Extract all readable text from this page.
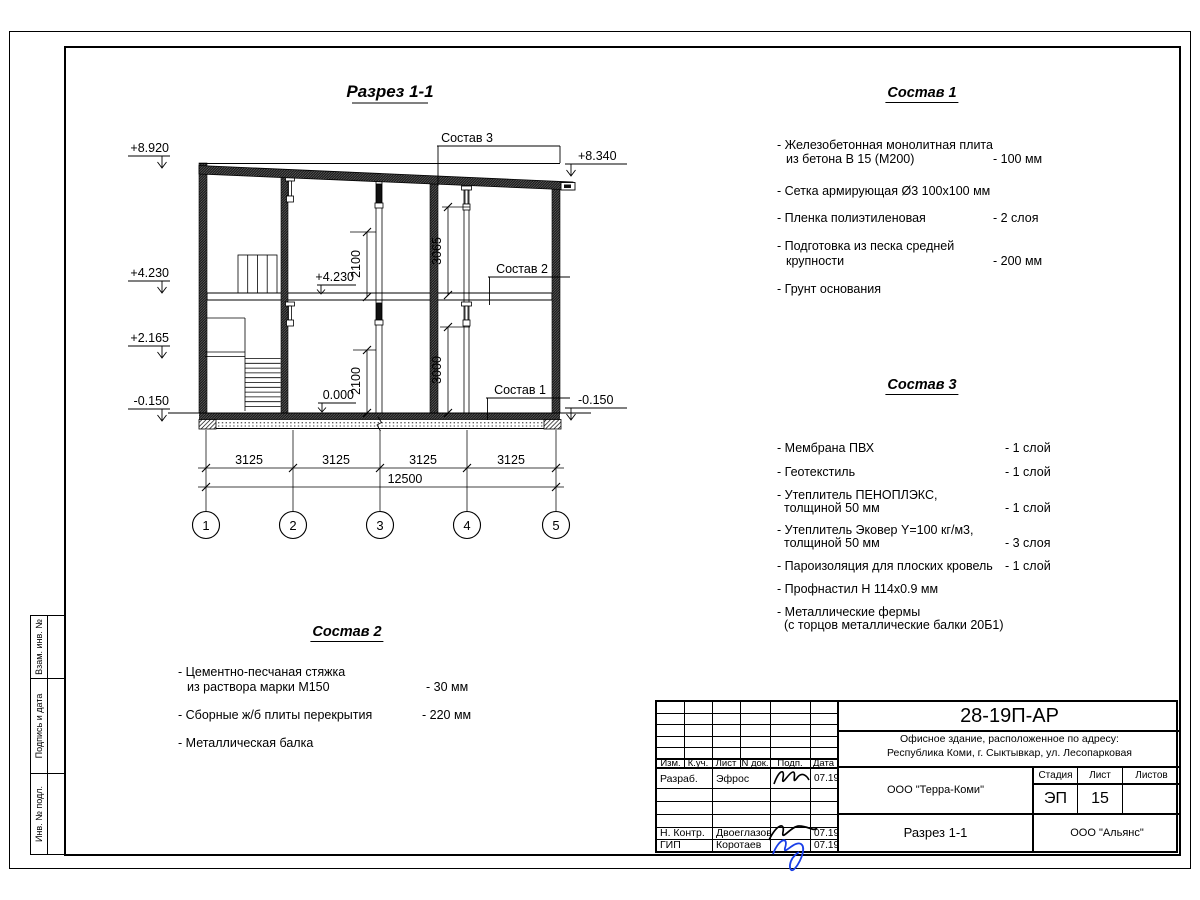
Взам. инв. №
Подпись и дата
Инв. № подл.
Разрез 1-1
Состав 3
Состав 2
Состав 1
+8.920
+4.230
+2.165
-0.150
+8.340
-0.150
+4.230
0.000
2100	3065
2100	3000
3125	3125	3125	3125
12500
1	2	3	4	5
Состав 1
- Железобетонная монолитная плита
из бетона В 15 (М200)	- 100 мм
- Сетка армирующая Ø3 100х100 мм
- Пленка полиэтиленовая	- 2 слоя
- Подготовка из песка средней
крупности	- 200 мм
- Грунт основания
Состав 3
- Мембрана ПВХ	- 1 слой
- Геотекстиль	- 1 слой
- Утеплитель ПЕНОПЛЭКС,
толщиной 50 мм	- 1 слой
- Утеплитель Эковер Y=100 кг/м3,
толщиной 50 мм	- 3 слоя
- Пароизоляция для плоских кровель - 1 слой
- Профнастил Н 114х0.9 мм
- Металлические фермы
(с торцов металлические балки 20Б1)
Состав 2
- Цементно-песчаная стяжка
из раствора марки М150	- 30 мм
- Сборные ж/б плиты перекрытия	- 220 мм
- Металлическая балка
Изм. К.уч. Лист N док. Подп.	Дата
Разраб.	Эфрос	07.19
Н. Контр.	Двоеглазов	07.19
ГИП	Коротаев	07.19
28-19П-АР
Офисное здание, расположенное по адресу:
Республика Коми, г. Сыктывкар, ул. Лесопарковая
ООО "Терра-Коми"
Стадия	Лист	Листов
ЭП	15
Разрез 1-1	ООО "Альянс"
